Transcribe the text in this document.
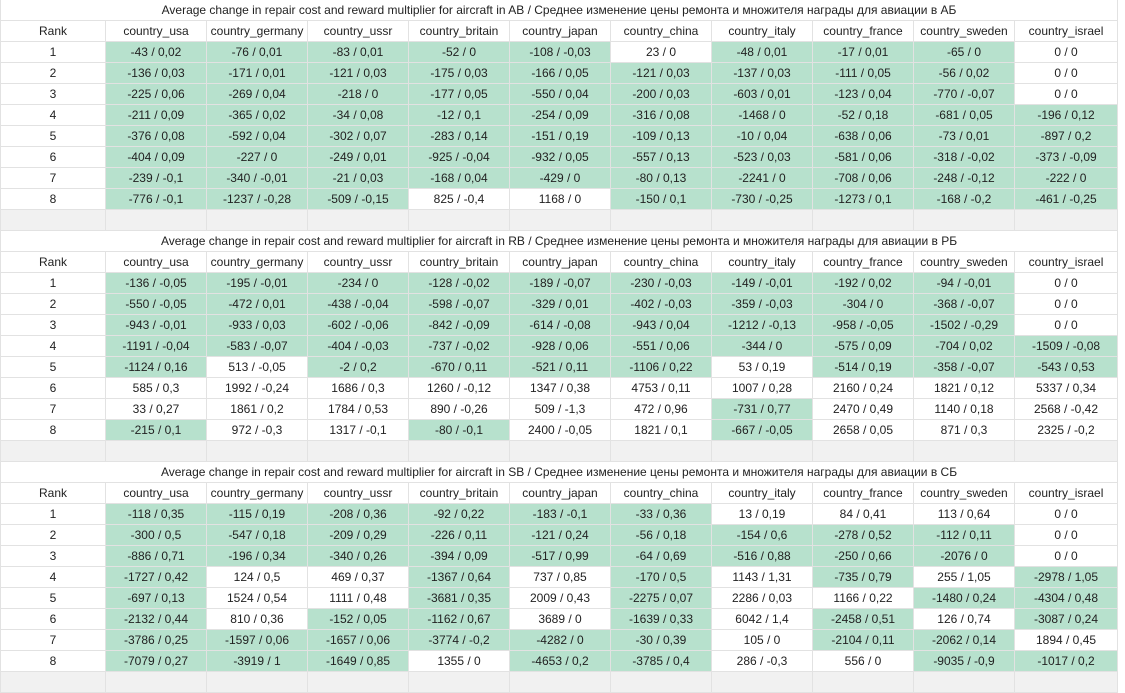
Average change in repair cost and reward multiplier for aircraft in AB / Среднее изменение цены ремонта и множителя награды для авиации в АБ										
Rank	country_usa	country_germany	country_ussr	country_britain	country_japan	country_china	country_italy	country_france	country_sweden	country_israel
1	-43 / 0,02	-76 / 0,01	-83 / 0,01	-52 / 0	-108 / -0,03	23 / 0	-48 / 0,01	-17 / 0,01	-65 / 0	0 / 0
2	-136 / 0,03	-171 / 0,01	-121 / 0,03	-175 / 0,03	-166 / 0,05	-121 / 0,03	-137 / 0,03	-111 / 0,05	-56 / 0,02	0 / 0
3	-225 / 0,06	-269 / 0,04	-218 / 0	-177 / 0,05	-550 / 0,04	-200 / 0,03	-603 / 0,01	-123 / 0,04	-770 / -0,07	0 / 0
4	-211 / 0,09	-365 / 0,02	-34 / 0,08	-12 / 0,1	-254 / 0,09	-316 / 0,08	-1468 / 0	-52 / 0,18	-681 / 0,05	-196 / 0,12
5	-376 / 0,08	-592 / 0,04	-302 / 0,07	-283 / 0,14	-151 / 0,19	-109 / 0,13	-10 / 0,04	-638 / 0,06	-73 / 0,01	-897 / 0,2
6	-404 / 0,09	-227 / 0	-249 / 0,01	-925 / -0,04	-932 / 0,05	-557 / 0,13	-523 / 0,03	-581 / 0,06	-318 / -0,02	-373 / -0,09
7	-239 / -0,1	-340 / -0,01	-21 / 0,03	-168 / 0,04	-429 / 0	-80 / 0,13	-2241 / 0	-708 / 0,06	-248 / -0,12	-222 / 0
8	-776 / -0,1	-1237 / -0,28	-509 / -0,15	825 / -0,4	1168 / 0	-150 / 0,1	-730 / -0,25	-1273 / 0,1	-168 / -0,2	-461 / -0,25

Average change in repair cost and reward multiplier for aircraft in RB / Среднее изменение цены ремонта и множителя награды для авиации в РБ										
Rank	country_usa	country_germany	country_ussr	country_britain	country_japan	country_china	country_italy	country_france	country_sweden	country_israel
1	-136 / -0,05	-195 / -0,01	-234 / 0	-128 / -0,02	-189 / -0,07	-230 / -0,03	-149 / -0,01	-192 / 0,02	-94 / -0,01	0 / 0
2	-550 / -0,05	-472 / 0,01	-438 / -0,04	-598 / -0,07	-329 / 0,01	-402 / -0,03	-359 / -0,03	-304 / 0	-368 / -0,07	0 / 0
3	-943 / -0,01	-933 / 0,03	-602 / -0,06	-842 / -0,09	-614 / -0,08	-943 / 0,04	-1212 / -0,13	-958 / -0,05	-1502 / -0,29	0 / 0
4	-1191 / -0,04	-583 / -0,07	-404 / -0,03	-737 / -0,02	-928 / 0,06	-551 / 0,06	-344 / 0	-575 / 0,09	-704 / 0,02	-1509 / -0,08
5	-1124 / 0,16	513 / -0,05	-2 / 0,2	-670 / 0,11	-521 / 0,11	-1106 / 0,22	53 / 0,19	-514 / 0,19	-358 / -0,07	-543 / 0,53
6	585 / 0,3	1992 / -0,24	1686 / 0,3	1260 / -0,12	1347 / 0,38	4753 / 0,11	1007 / 0,28	2160 / 0,24	1821 / 0,12	5337 / 0,34
7	33 / 0,27	1861 / 0,2	1784 / 0,53	890 / -0,26	509 / -1,3	472 / 0,96	-731 / 0,77	2470 / 0,49	1140 / 0,18	2568 / -0,42
8	-215 / 0,1	972 / -0,3	1317 / -0,1	-80 / -0,1	2400 / -0,05	1821 / 0,1	-667 / -0,05	2658 / 0,05	871 / 0,3	2325 / -0,2

Average change in repair cost and reward multiplier for aircraft in SB / Среднее изменение цены ремонта и множителя награды для авиации в СБ										
Rank	country_usa	country_germany	country_ussr	country_britain	country_japan	country_china	country_italy	country_france	country_sweden	country_israel
1	-118 / 0,35	-115 / 0,19	-208 / 0,36	-92 / 0,22	-183 / -0,1	-33 / 0,36	13 / 0,19	84 / 0,41	113 / 0,64	0 / 0
2	-300 / 0,5	-547 / 0,18	-209 / 0,29	-226 / 0,11	-121 / 0,24	-56 / 0,18	-154 / 0,6	-278 / 0,52	-112 / 0,11	0 / 0
3	-886 / 0,71	-196 / 0,34	-340 / 0,26	-394 / 0,09	-517 / 0,99	-64 / 0,69	-516 / 0,88	-250 / 0,66	-2076 / 0	0 / 0
4	-1727 / 0,42	124 / 0,5	469 / 0,37	-1367 / 0,64	737 / 0,85	-170 / 0,5	1143 / 1,31	-735 / 0,79	255 / 1,05	-2978 / 1,05
5	-697 / 0,13	1524 / 0,54	1111 / 0,48	-3681 / 0,35	2009 / 0,43	-2275 / 0,07	2286 / 0,03	1166 / 0,22	-1480 / 0,24	-4304 / 0,48
6	-2132 / 0,44	810 / 0,36	-152 / 0,05	-1162 / 0,67	3689 / 0	-1639 / 0,33	6042 / 1,4	-2458 / 0,51	126 / 0,74	-3087 / 0,24
7	-3786 / 0,25	-1597 / 0,06	-1657 / 0,06	-3774 / -0,2	-4282 / 0	-30 / 0,39	105 / 0	-2104 / 0,11	-2062 / 0,14	1894 / 0,45
8	-7079 / 0,27	-3919 / 1	-1649 / 0,85	1355 / 0	-4653 / 0,2	-3785 / 0,4	286 / -0,3	556 / 0	-9035 / -0,9	-1017 / 0,2
